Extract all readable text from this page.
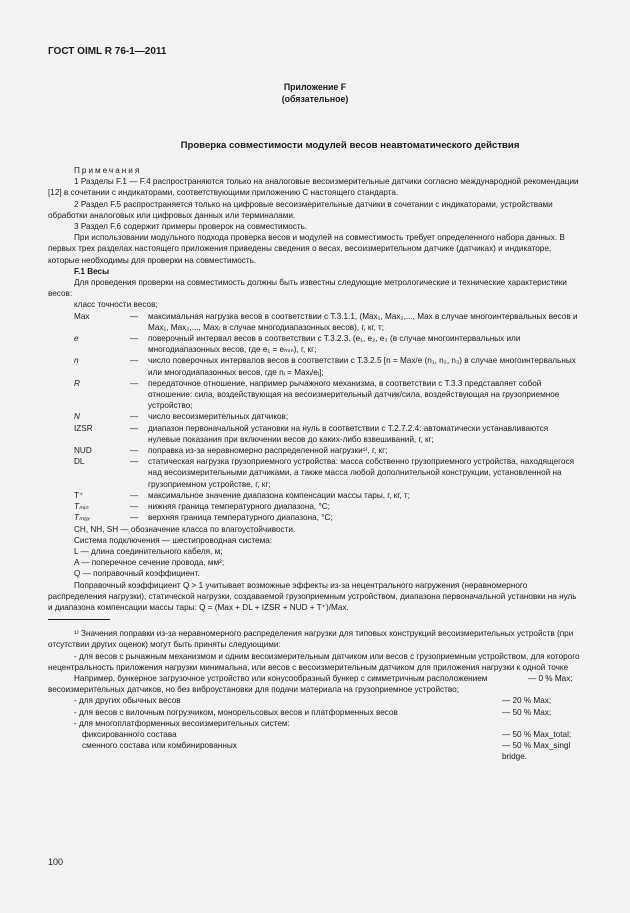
ГОСТ OIML R 76-1—2011
Приложение F
(обязательное)
Проверка совместимости модулей весов неавтоматического действия

Примечания

1 Разделы F.1 — F.4 распространяются только на аналоговые весоизмерительные датчики согласно международной рекомендации [12] в сочетании с индикаторами, соответствующими приложению С настоящего стандарта.

2 Раздел F.5 распространяется только на цифровые весоизмерительные датчики в сочетании с индикаторами, устройствами обработки аналоговых или цифровых данных или терминалами.

3 Раздел F.6 содержит примеры проверок на совместимость.

При использовании модульного подхода проверка весов и модулей на совместимость требует определенного набора данных. В первых трех разделах настоящего приложения приведены сведения о весах, весоизмерительном датчике (датчиках) и индикаторе, которые необходимы для проверки на совместимость.

F.1 Весы

Для проведения проверки на совместимость должны быть известны следующие метрологические и технические характеристики весов:

класс точности весов;

Max	—	максимальная нагрузка весов в соответствии с Т.3.1.1, (Max₁, Max₂,..., Max в случае многоинтервальных весов и Max₁, Max₂,..., Maxᵣ в случае многодиапазонных весов), г, кг, т;
e	—	поверочный интервал весов в соответствии с Т.3.2.3, (e₁, e₂, e₃ (в случае многоинтервальных или многодиапазонных весов, где e₁ = eₘᵢₙ), г, кг;
n	—	число поверочных интервалов весов в соответствии с Т.3.2.5 [n = Max/e (n₁, n₂, n₃) в случае многоинтервальных или многодиапазонных весов, где nᵢ = Maxᵢ/eᵢ];
R	—	передаточное отношение, например рычажного механизма, в соответствии с Т.3.3 представляет собой отношение: сила, воздействующая на весоизмерительный датчик/сила, воздействующая на грузоприемное устройство;
N	—	число весоизмерительных датчиков;
IZSR	—	диапазон первоначальной установки на нуль в соответствии с Т.2.7.2.4: автоматически устанавливаются нулевые показания при включении весов до каких-либо взвешиваний, г, кг;
NUD	—	поправка из-за неравномерно распределенной нагрузки¹⁾, г, кг;
DL	—	статическая нагрузка грузоприемного устройства: масса собственно грузоприемного устройства, находящегося над весоизмерительными датчиками, а также масса любой дополнительной конструкции, установленной на грузоприемном устройстве, г, кг;
T⁺	—	максимальное значение диапазона компенсации массы тары, г, кг, т;
Tₘᵢₙ	—	нижняя граница температурного диапазона, °С;
Tₘₐₓ	—	верхняя граница температурного диапазона, °С;

CH, NH, SH — обозначение класса по влагоустойчивости.

Система подключения — шестипроводная система:

L — длина соединительного кабеля, м;

A — поперечное сечение провода, мм²;

Q — поправочный коэффициент.

Поправочный коэффициент Q > 1 учитывает возможные эффекты из-за нецентрального нагружения (неравномерного распределения нагрузки), статической нагрузки, создаваемой грузоприемным устройством, диапазона первоначальной установки на нуль и диапазона компенсации массы тары: Q = (Max + DL + IZSR + NUD + T⁺)/Max.

¹⁾ Значения поправки из-за неравномерного распределения нагрузки для типовых конструкций весоизмерительных устройств (при отсутствии других оценок) могут быть приняты следующими:

- для весов с рычажным механизмом и одним весоизмерительным датчиком или весов с грузоприемным устройством, для которого нецентральность приложения нагрузки минимальна, или весов с весоизмерительным датчиком для приложения нагрузки к одной точке
— 0 % Max;

Например, бункерное загрузочное устройство или конусообразный бункер с симметричным расположением весоизмерительных датчиков, но без виброустановки для подачи материала на грузоприемное устройство;

- для других обычных весов	— 20 % Max;
- для весов с вилочным погрузчиком, монорельсовых весов и платформенных весов	— 50 % Max;
- для многоплатформенных весоизмерительных систем:
фиксированного состава	— 50 % Max_total;
сменного состава или комбинированных	— 50 % Max_singl bridge.
100
